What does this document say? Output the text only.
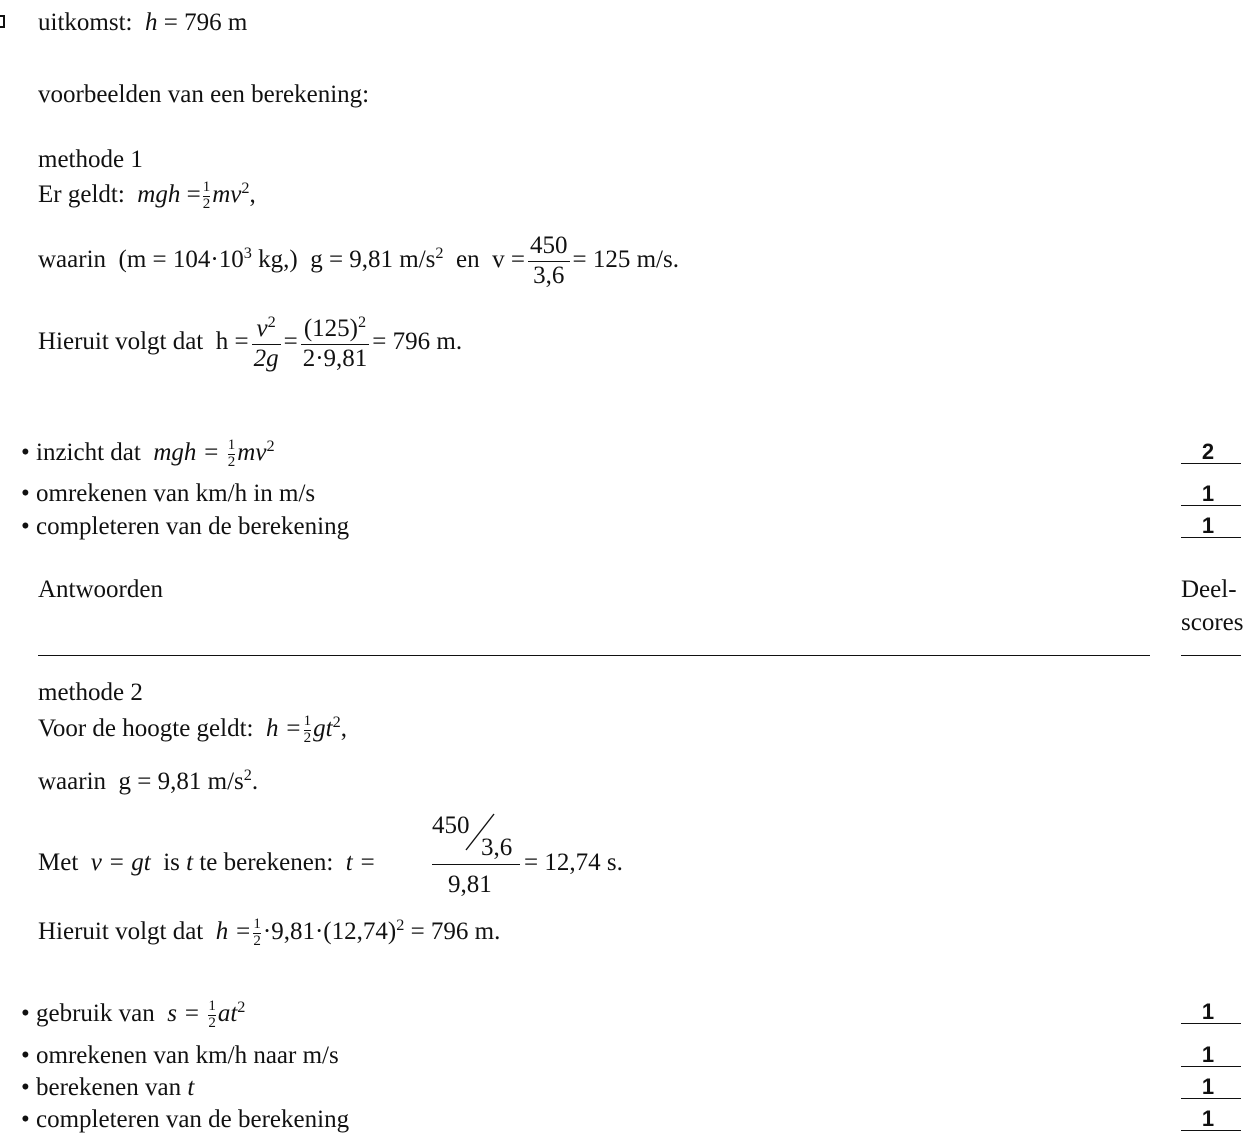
uitkomst: h = 796 m
voorbeelden van een berekening:
methode 1
Er geldt: mgh = $\frac{1}{2} mv^2$,
waarin ($m = 104\cdot 10^3$ kg,) g = 9,81 $m/s^2$ en $v = \frac{450}{3,6} = 125$ m/s.
Hieruit volgt dat $h = \frac{v^2}{2g} = \frac{(125)^2}{2\cdot 9,81} = 796$ m.
• inzicht dat mgh = $\frac{1}{2} mv^2$	2
• omrekenen van km/h in m/s	1
• completeren van de berekening	1
Antwoorden	Deel-
scores
methode 2
Voor de hoogte geldt: $h = \frac{1}{2} gt^2$,
waarin g = 9,81 $m/s^2$.
Met v = gt is t te berekenen: t =
450
3,6
9,81
= 12,74 s.
Hieruit volgt dat $h = \frac{1}{2} \cdot 9,81\cdot(12,74)^2 = 796$ m.
• gebruik van $s = \frac{1}{2} at^2$	1
• omrekenen van km/h naar m/s	1
• berekenen van t	1
• completeren van de berekening	1
